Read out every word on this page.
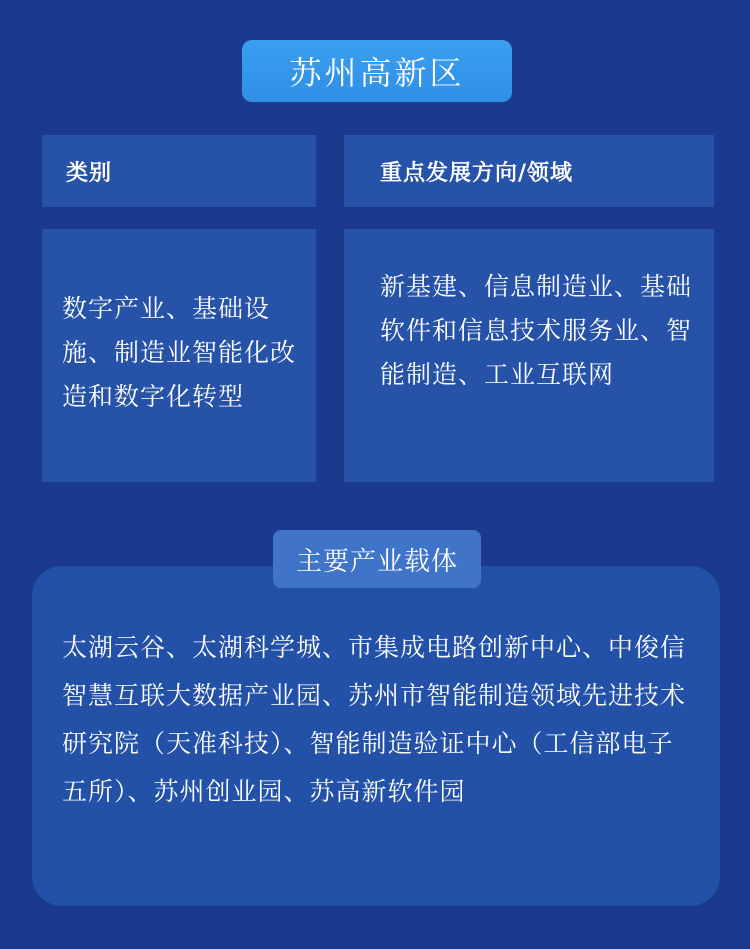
苏州高新区
类别	重点发展方向/领域
数字产业、基础设施、制造业智能化改造和数字化转型
新基建、信息制造业、基础软件和信息技术服务业、智能制造、工业互联网
主要产业载体
太湖云谷、太湖科学城、市集成电路创新中心、中俊信智慧互联大数据产业园、苏州市智能制造领域先进技术研究院（天准科技）、智能制造验证中心（工信部电子五所）、苏州创业园、苏高新软件园
